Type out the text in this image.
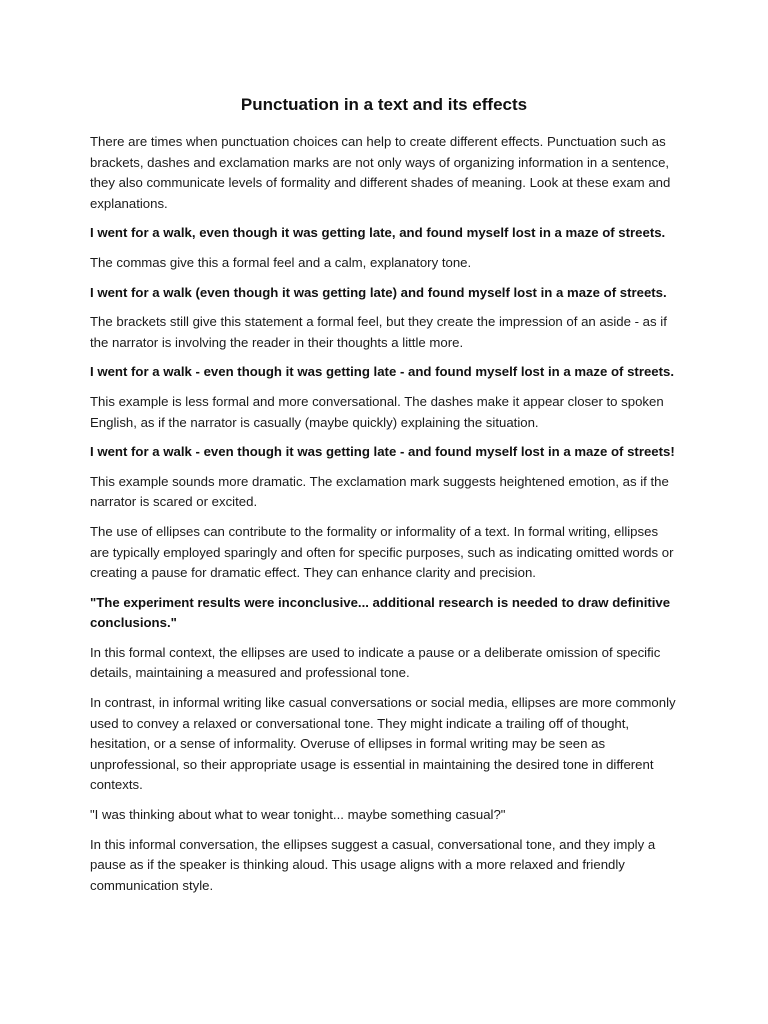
Punctuation in a text and its effects

There are times when punctuation choices can help to create different effects. Punctuation such as brackets, dashes and exclamation marks are not only ways of organizing information in a sentence, they also communicate levels of formality and different shades of meaning. Look at these exam and explanations.

I went for a walk, even though it was getting late, and found myself lost in a maze of streets.

The commas give this a formal feel and a calm, explanatory tone.

I went for a walk (even though it was getting late) and found myself lost in a maze of streets.

The brackets still give this statement a formal feel, but they create the impression of an aside - as if the narrator is involving the reader in their thoughts a little more.

I went for a walk - even though it was getting late - and found myself lost in a maze of streets.

This example is less formal and more conversational. The dashes make it appear closer to spoken English, as if the narrator is casually (maybe quickly) explaining the situation.

I went for a walk - even though it was getting late - and found myself lost in a maze of streets!

This example sounds more dramatic. The exclamation mark suggests heightened emotion, as if the narrator is scared or excited.

The use of ellipses can contribute to the formality or informality of a text. In formal writing, ellipses are typically employed sparingly and often for specific purposes, such as indicating omitted words or creating a pause for dramatic effect. They can enhance clarity and precision.

"The experiment results were inconclusive... additional research is needed to draw definitive conclusions."

In this formal context, the ellipses are used to indicate a pause or a deliberate omission of specific details, maintaining a measured and professional tone.

In contrast, in informal writing like casual conversations or social media, ellipses are more commonly used to convey a relaxed or conversational tone. They might indicate a trailing off of thought, hesitation, or a sense of informality. Overuse of ellipses in formal writing may be seen as unprofessional, so their appropriate usage is essential in maintaining the desired tone in different contexts.

"I was thinking about what to wear tonight... maybe something casual?"

In this informal conversation, the ellipses suggest a casual, conversational tone, and they imply a pause as if the speaker is thinking aloud. This usage aligns with a more relaxed and friendly communication style.
